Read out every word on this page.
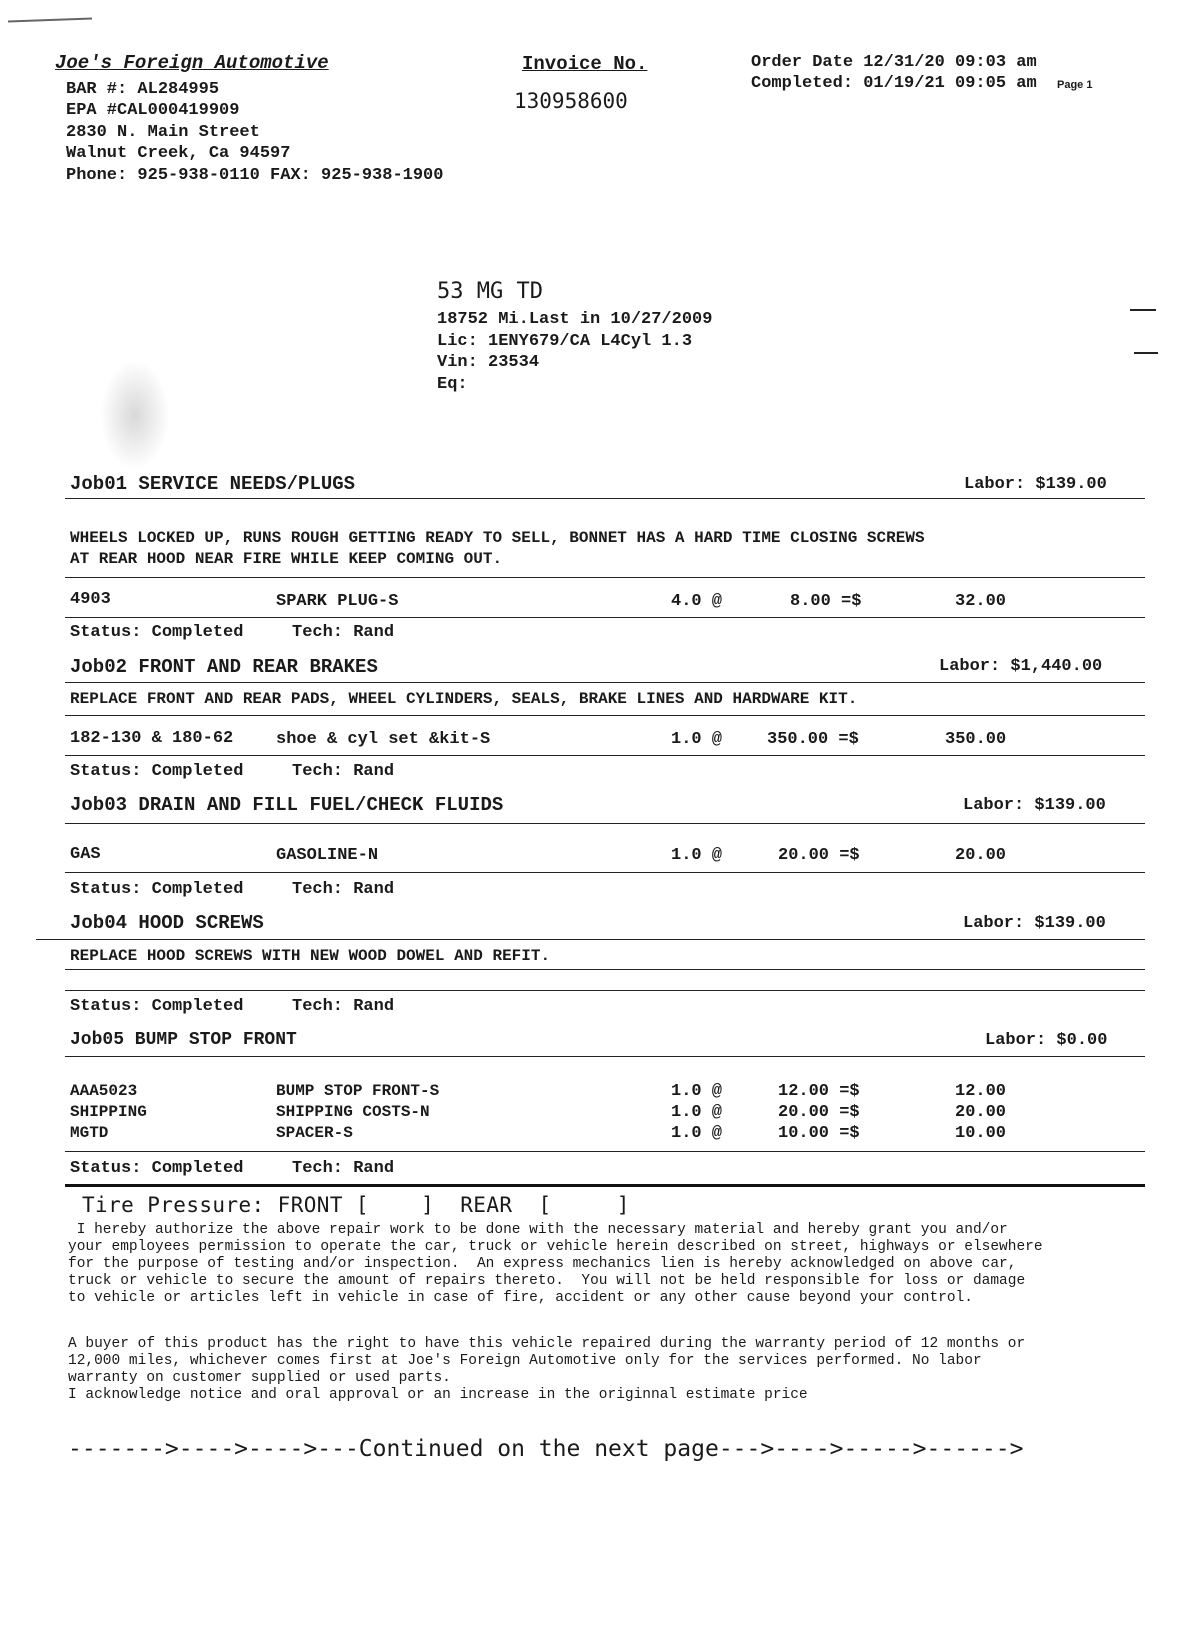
Joe's Foreign Automotive
BAR #: AL284995
EPA #CAL000419909
2830 N. Main Street
Walnut Creek, Ca 94597
Phone: 925-938-0110 FAX: 925-938-1900
Invoice No.
130958600
Order Date 12/31/20 09:03 am
Completed: 01/19/21 09:05 am Page 1
53 MG TD
18752 Mi.Last in 10/27/2009
Lic: 1ENY679/CA L4Cyl 1.3
Vin: 23534
Eq:
Job01 SERVICE NEEDS/PLUGS	Labor: $139.00
WHEELS LOCKED UP, RUNS ROUGH GETTING READY TO SELL, BONNET HAS A HARD TIME CLOSING SCREWS
AT REAR HOOD NEAR FIRE WHILE KEEP COMING OUT.
4903	SPARK PLUG-S	4.0 @	8.00 =$	32.00
Status: Completed	Tech: Rand
Job02 FRONT AND REAR BRAKES	Labor: $1,440.00
REPLACE FRONT AND REAR PADS, WHEEL CYLINDERS, SEALS, BRAKE LINES AND HARDWARE KIT.
182-130 & 180-62	shoe & cyl set &kit-S	1.0 @	350.00 =$	350.00
Status: Completed	Tech: Rand
Job03 DRAIN AND FILL FUEL/CHECK FLUIDS	Labor: $139.00
GAS	GASOLINE-N	1.0 @	20.00 =$	20.00
Status: Completed	Tech: Rand
Job04 HOOD SCREWS	Labor: $139.00
REPLACE HOOD SCREWS WITH NEW WOOD DOWEL AND REFIT.
Status: Completed	Tech: Rand
Job05 BUMP STOP FRONT	Labor: $0.00
AAA5023	BUMP STOP FRONT-S	1.0 @	12.00 =$	12.00
SHIPPING	SHIPPING COSTS-N	1.0 @	20.00 =$	20.00
MGTD	SPACER-S	1.0 @	10.00 =$	10.00
Status: Completed	Tech: Rand
Tire Pressure: FRONT [    ]  REAR  [     ]
I hereby authorize the above repair work to be done with the necessary material and hereby grant you and/or
your employees permission to operate the car, truck or vehicle herein described on street, highways or elsewhere
for the purpose of testing and/or inspection.  An express mechanics lien is hereby acknowledged on above car,
truck or vehicle to secure the amount of repairs thereto.  You will not be held responsible for loss or damage
to vehicle or articles left in vehicle in case of fire, accident or any other cause beyond your control.
A buyer of this product has the right to have this vehicle repaired during the warranty period of 12 months or
12,000 miles, whichever comes first at Joe's Foreign Automotive only for the services performed. No labor
warranty on customer supplied or used parts.
I acknowledge notice and oral approval or an increase in the originnal estimate price
------->---->---->---Continued on the next page--->---->----->------>
